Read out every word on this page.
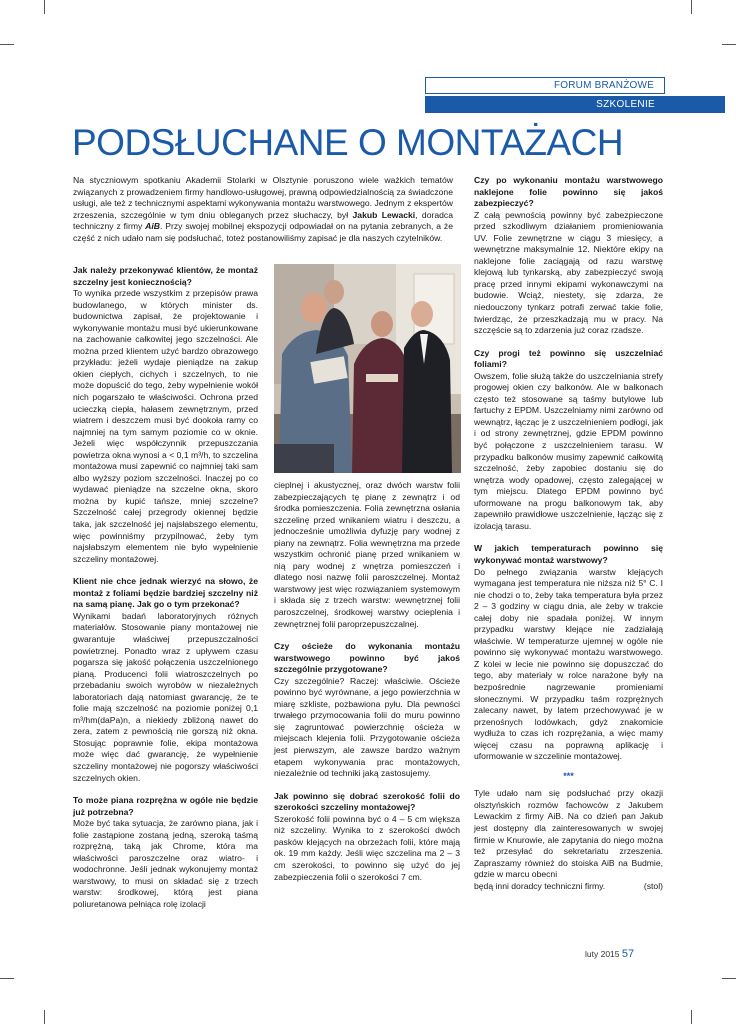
FORUM BRANŻOWE
SZKOLENIE
PODSŁUCHANE O MONTAŻACH

Na styczniowym spotkaniu Akademii Stolarki w Olsztynie poruszono wiele ważkich tematów związanych z prowadzeniem firmy handlowo-usługowej, prawną odpowiedzialnością za świadczone usługi, ale też z technicznymi aspektami wykonywania montażu warstwowego. Jednym z ekspertów zrzeszenia, szczególnie w tym dniu obleganych przez słuchaczy, był Jakub Lewacki, doradca techniczny z firmy AiB. Przy swojej mobilnej ekspozycji odpowiadał on na pytania zebranych, a że część z nich udało nam się podsłuchać, toteż postanowiliśmy zapisać je dla naszych czytelników.

Jak należy przekonywać klientów, że montaż szczelny jest koniecznością?

To wynika przede wszystkim z przepisów prawa budowlanego, w których minister ds. budownictwa zapisał, że projektowanie i wykonywanie montażu musi być ukierunkowane na zachowanie całkowitej jego szczelności. Ale można przed klientem użyć bardzo obrazowego przykładu: jeżeli wydaje pieniądze na zakup okien ciepłych, cichych i szczelnych, to nie może dopuścić do tego, żeby wypełnienie wokół nich pogarszało te właściwości. Ochrona przed ucieczką ciepła, hałasem zewnętrznym, przed wiatrem i deszczem musi być dookoła ramy co najmniej na tym samym poziomie co w oknie. Jeżeli więc współczynnik przepuszczania powietrza okna wynosi a < 0,1 m³/h, to szczelina montażowa musi zapewnić co najmniej taki sam albo wyższy poziom szczelności. Inaczej po co wydawać pieniądze na szczelne okna, skoro można by kupić tańsze, mniej szczelne? Szczelność całej przegrody okiennej będzie taka, jak szczelność jej najsłabszego elementu, więc powinniśmy przypilnować, żeby tym najsłabszym elementem nie było wypełnienie szczeliny montażowej.

Klient nie chce jednak wierzyć na słowo, że montaż z foliami będzie bardziej szczelny niż na samą pianę. Jak go o tym przekonać?

Wynikami badań laboratoryjnych różnych materiałów. Stosowanie piany montażowej nie gwarantuje właściwej przepuszczalności powietrznej. Ponadto wraz z upływem czasu pogarsza się jakość połączenia uszczelnionego pianą. Producenci folii wiatroszczelnych po przebadaniu swoich wyrobów w niezależnych laboratoriach dają natomiast gwarancję, że te folie mają szczelność na poziomie poniżej 0,1 m³/hm(daPa)n, a niekiedy zbliżoną nawet do zera, zatem z pewnością nie gorszą niż okna. Stosując poprawnie folie, ekipa montażowa może więc dać gwarancję, że wypełnienie szczeliny montażowej nie pogorszy właściwości szczelnych okien.

To może piana rozprężna w ogóle nie będzie już potrzebna?

Może być taka sytuacja, że zarówno piana, jak i folie zastąpione zostaną jedną, szeroką taśmą rozprężną, taką jak Chrome, która ma właściwości paroszczelne oraz wiatro- i wodochronne. Jeśli jednak wykonujemy montaż warstwowy, to musi on składać się z trzech warstw: środkowej, którą jest piana poliuretanowa pełniąca rolę izolacji

cieplnej i akustycznej, oraz dwóch warstw folii zabezpieczających tę pianę z zewnątrz i od środka pomieszczenia. Folia zewnętrzna osłania szczelinę przed wnikaniem wiatru i deszczu, a jednocześnie umożliwia dyfuzję pary wodnej z piany na zewnątrz. Folia wewnętrzna ma przede wszystkim ochronić pianę przed wnikaniem w nią pary wodnej z wnętrza pomieszczeń i dlatego nosi nazwę folii paroszczelnej. Montaż warstwowy jest więc rozwiązaniem systemowym i składa się z trzech warstw: wewnętrznej folii paroszczelnej, środkowej warstwy ocieplenia i zewnętrznej folii paroprzepuszczalnej.

Czy ościeże do wykonania montażu warstwowego powinno być jakoś szczególnie przygotowane?

Czy szczególnie? Raczej: właściwie. Ościeże powinno być wyrównane, a jego powierzchnia w miarę szkliste, pozbawiona pyłu. Dla pewności trwałego przymocowania folii do muru powinno się zagruntować powierzchnię ościeża w miejscach klejenia folii. Przygotowanie ościeża jest pierwszym, ale zawsze bardzo ważnym etapem wykonywania prac montażowych, niezależnie od techniki jaką zastosujemy.

Jak powinno się dobrać szerokość folii do szerokości szczeliny montażowej?

Szerokość folii powinna być o 4 – 5 cm większa niż szczeliny. Wynika to z szerokości dwóch pasków klejących na obrzeżach folii, które mają ok. 19 mm każdy. Jeśli więc szczelina ma 2 – 3 cm szerokości, to powinno się użyć do jej zabezpieczenia folii o szerokości 7 cm.

Czy po wykonaniu montażu warstwowego naklejone folie powinno się jakoś zabezpieczyć?

Z całą pewnością powinny być zabezpieczone przed szkodliwym działaniem promieniowania UV. Folie zewnętrzne w ciągu 3 miesięcy, a wewnętrzne maksymalnie 12. Niektóre ekipy na naklejone folie zaciągają od razu warstwę klejową lub tynkarską, aby zabezpieczyć swoją pracę przed innymi ekipami wykonawczymi na budowie. Wciąż, niestety, się zdarza, że niedouczony tynkarz potrafi zerwać takie folie, twierdząc, że przeszkadzają mu w pracy. Na szczęście są to zdarzenia już coraz rzadsze.

Czy progi też powinno się uszczelniać foliami?

Owszem, folie służą także do uszczelniania strefy progowej okien czy balkonów. Ale w balkonach często też stosowane są taśmy butylowe lub fartuchy z EPDM. Uszczelniamy nimi zarówno od wewnątrz, łącząc je z uszczelnieniem podłogi, jak i od strony zewnętrznej, gdzie EPDM powinno być połączone z uszczelnieniem tarasu. W przypadku balkonów musimy zapewnić całkowitą szczelność, żeby zapobiec dostaniu się do wnętrza wody opadowej, często zalegającej w tym miejscu. Dlatego EPDM powinno być uformowane na progu balkonowym tak, aby zapewniło prawidłowe uszczelnienie, łącząc się z izolacją tarasu.

W jakich temperaturach powinno się wykonywać montaż warstwowy?

Do pełnego związania warstw klejących wymagana jest temperatura nie niższa niż 5° C. I nie chodzi o to, żeby taka temperatura była przez 2 – 3 godziny w ciągu dnia, ale żeby w trakcie całej doby nie spadała poniżej. W innym przypadku warstwy klejące nie zadziałają właściwie. W temperaturze ujemnej w ogóle nie powinno się wykonywać montażu warstwowego. Z kolei w lecie nie powinno się dopuszczać do tego, aby materiały w rolce narażone były na bezpośrednie nagrzewanie promieniami słonecznymi. W przypadku taśm rozprężnych zalecany nawet, by latem przechowywać je w przenośnych lodówkach, gdyż znakomicie wydłuża to czas ich rozprężania, a więc mamy więcej czasu na poprawną aplikację i uformowanie w szczelinie montażowej.

***

Tyle udało nam się podsłuchać przy okazji olsztyńskich rozmów fachowców z Jakubem Lewackim z firmy AiB. Na co dzień pan Jakub jest dostępny dla zainteresowanych w swojej firmie w Knurowie, ale zapytania do niego można też przesyłać do sekretariatu zrzeszenia. Zapraszamy również do stoiska AiB na Budmie, gdzie w marcu obecni

będą inni doradcy techniczni firmy.	(stol)
luty 2015 57
